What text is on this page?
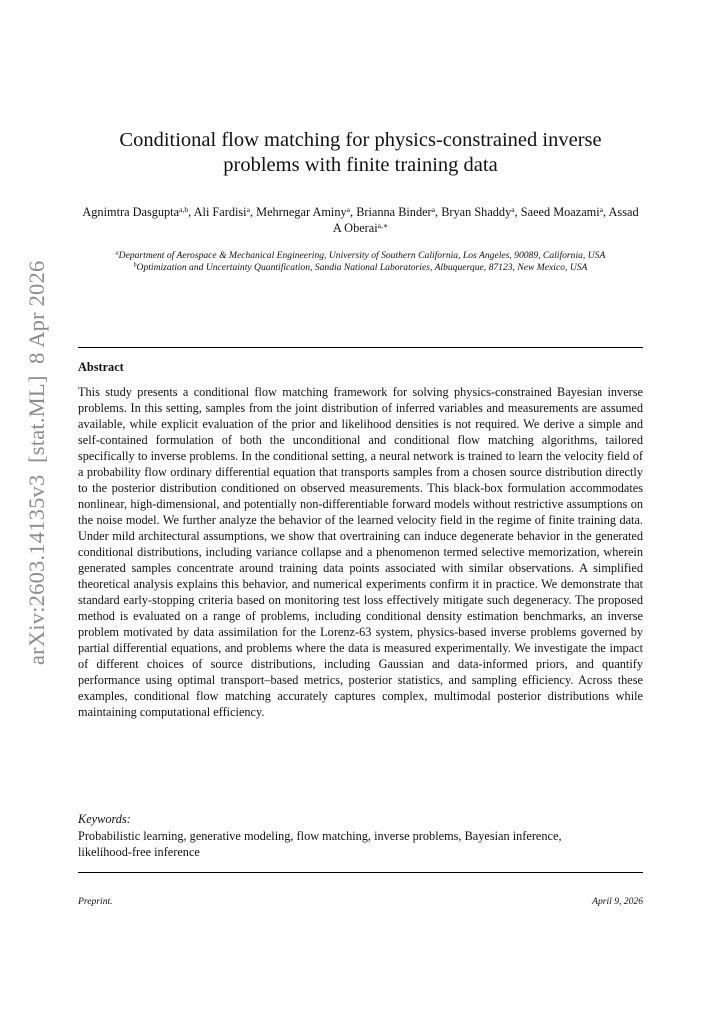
arXiv:2603.14135v3  [stat.ML]  8 Apr 2026
Conditional flow matching for physics-constrained inverse problems with finite training data
Agnimtra Dasgupta$^{a,b}$, Ali Fardisi$^a$, Mehrnegar Aminy$^a$, Brianna Binder$^a$, Bryan Shaddy$^a$, Saeed Moazami$^a$, Assad A Oberai$^{a,∗}$
$^a$Department of Aerospace & Mechanical Engineering, University of Southern California, Los Angeles, 90089, California, USA
$^b$Optimization and Uncertainty Quantification, Sandia National Laboratories, Albuquerque, 87123, New Mexico, USA
Abstract
This study presents a conditional flow matching framework for solving physics-constrained Bayesian inverse problems. In this setting, samples from the joint distribution of inferred variables and measurements are assumed available, while explicit evaluation of the prior and likelihood densities is not required. We derive a simple and self-contained formulation of both the unconditional and conditional flow matching algorithms, tailored specifically to inverse problems. In the conditional setting, a neural network is trained to learn the velocity field of a probability flow ordinary differential equation that transports samples from a chosen source distribution directly to the posterior distribution conditioned on observed measurements. This black-box formulation accommodates nonlinear, high-dimensional, and potentially non-differentiable forward models without restrictive assumptions on the noise model. We further analyze the behavior of the learned velocity field in the regime of finite training data. Under mild architectural assumptions, we show that overtraining can induce degenerate behavior in the generated conditional distributions, including variance collapse and a phenomenon termed selective memorization, wherein generated samples concentrate around training data points associated with similar observations. A simplified theoretical analysis explains this behavior, and numerical experiments confirm it in practice. We demonstrate that standard early-stopping criteria based on monitoring test loss effectively mitigate such degeneracy. The proposed method is evaluated on a range of problems, including conditional density estimation benchmarks, an inverse problem motivated by data assimilation for the Lorenz-63 system, physics-based inverse problems governed by partial differential equations, and problems where the data is measured experimentally. We investigate the impact of different choices of source distributions, including Gaussian and data-informed priors, and quantify performance using optimal transport–based metrics, posterior statistics, and sampling efficiency. Across these examples, conditional flow matching accurately captures complex, multimodal posterior distributions while maintaining computational efficiency.
Keywords:
Probabilistic learning, generative modeling, flow matching, inverse problems, Bayesian inference, likelihood-free inference
Preprint.	April 9, 2026
